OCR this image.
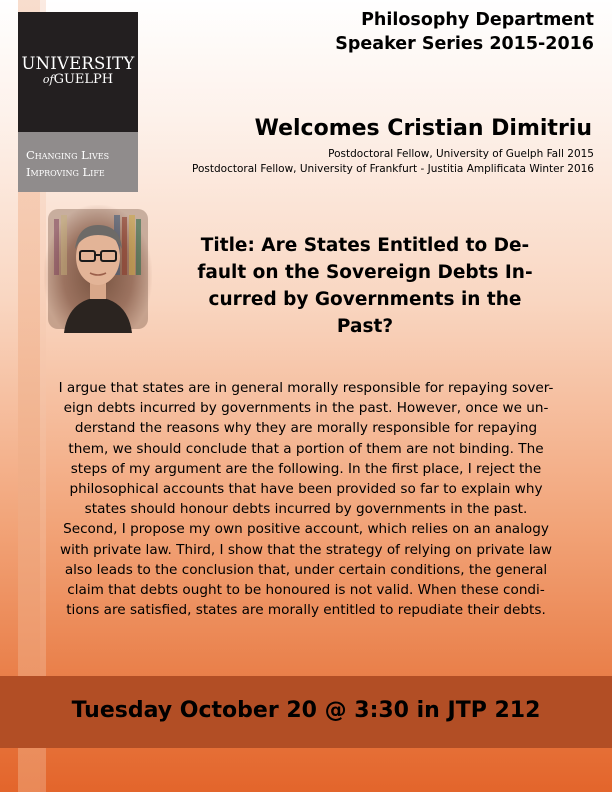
UNIVERSITY
ofGUELPH
Changing Lives
Improving Life
Philosophy Department
Speaker Series 2015-2016
Welcomes Cristian Dimitriu
Postdoctoral Fellow, University of Guelph Fall 2015
Postdoctoral Fellow, University of Frankfurt - Justitia Amplificata Winter 2016
Title: Are States Entitled to De-
fault on the Sovereign Debts In-
curred by Governments in the
Past?
I argue that states are in general morally responsible for repaying sover-
eign debts incurred by governments in the past. However, once we un-
derstand the reasons why they are morally responsible for repaying
them, we should conclude that a portion of them are not binding. The
steps of my argument are the following. In the first place, I reject the
philosophical accounts that have been provided so far to explain why
states should honour debts incurred by governments in the past.
Second, I propose my own positive account, which relies on an analogy
with private law. Third, I show that the strategy of relying on private law
also leads to the conclusion that, under certain conditions, the general
claim that debts ought to be honoured is not valid. When these condi-
tions are satisfied, states are morally entitled to repudiate their debts.
Tuesday October 20 @ 3:30 in JTP 212
